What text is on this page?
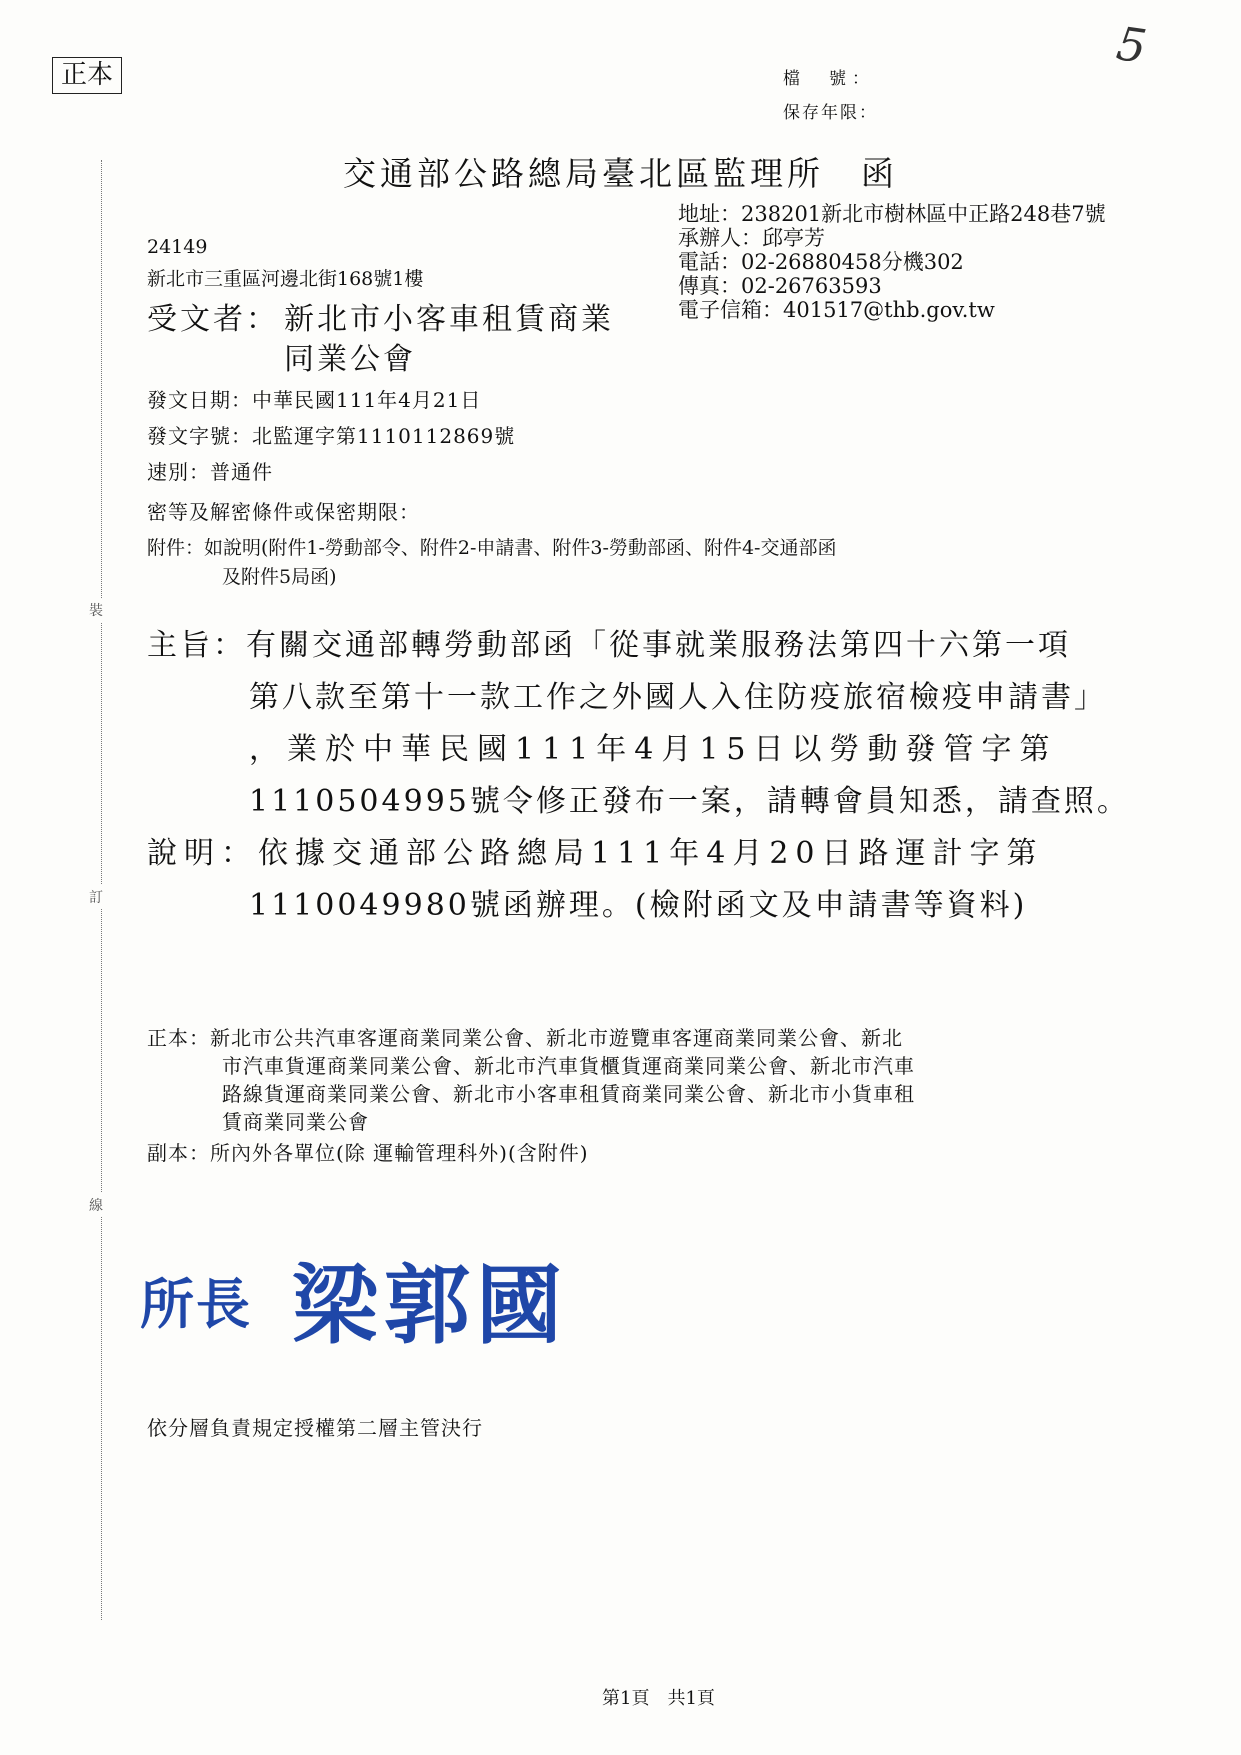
正本
5
檔　號：
保存年限：
交通部公路總局臺北區監理所　函
裝
訂
線
地址：238201新北市樹林區中正路248巷7號
承辦人：邱亭芳
電話：02-26880458分機302
傳真：02-26763593
電子信箱：401517@thb.gov.tw
24149
新北市三重區河邊北街168號1樓
受文者： 新北市小客車租賃商業
同業公會
發文日期：中華民國111年4月21日
發文字號：北監運字第1110112869號
速別：普通件
密等及解密條件或保密期限：
附件：如說明(附件1-勞動部令、附件2-申請書、附件3-勞動部函、附件4-交通部函
及附件5局函)
主旨：有關交通部轉勞動部函「從事就業服務法第四十六第一項
第八款至第十一款工作之外國人入住防疫旅宿檢疫申請書」
，業於中華民國111年4月15日以勞動發管字第
1110504995號令修正發布一案，請轉會員知悉，請查照。
說明：依據交通部公路總局111年4月20日路運計字第
1110049980號函辦理。(檢附函文及申請書等資料)
正本：新北市公共汽車客運商業同業公會、新北市遊覽車客運商業同業公會、新北
市汽車貨運商業同業公會、新北市汽車貨櫃貨運商業同業公會、新北市汽車
路線貨運商業同業公會、新北市小客車租賃商業同業公會、新北市小貨車租
賃商業同業公會
副本：所內外各單位(除 運輸管理科外)(含附件)
所長 梁郭國
依分層負責規定授權第二層主管決行
第1頁　共1頁
